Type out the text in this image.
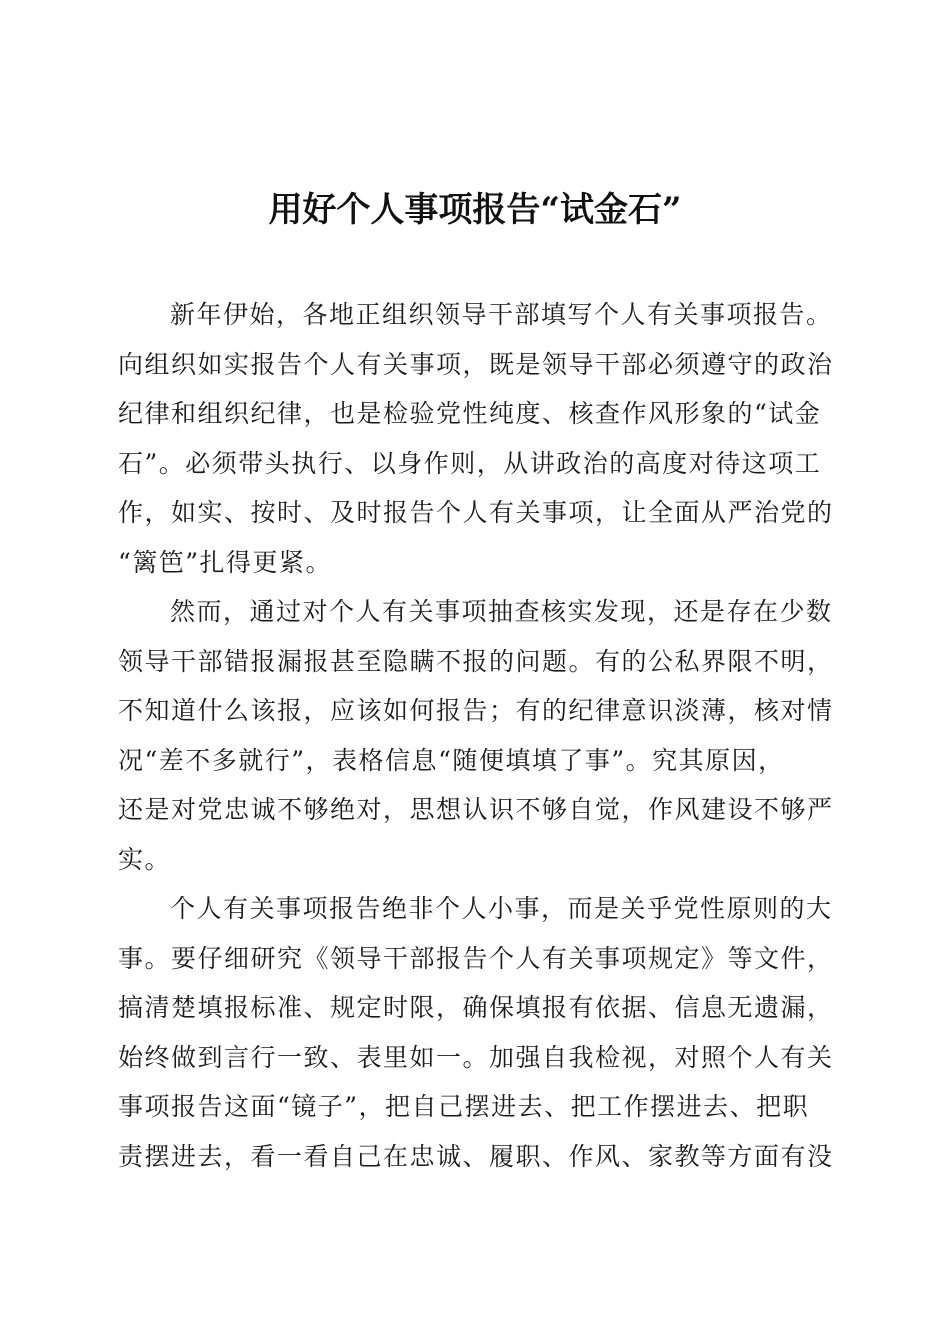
用好个人事项报告“试金石”
新年伊始，各地正组织领导干部填写个人有关事项报告。
向组织如实报告个人有关事项，既是领导干部必须遵守的政治
纪律和组织纪律，也是检验党性纯度、核查作风形象的“试金
石”。必须带头执行、以身作则，从讲政治的高度对待这项工
作，如实、按时、及时报告个人有关事项，让全面从严治党的
“篱笆”扎得更紧。
然而，通过对个人有关事项抽查核实发现，还是存在少数
领导干部错报漏报甚至隐瞒不报的问题。有的公私界限不明，
不知道什么该报，应该如何报告；有的纪律意识淡薄，核对情
况“差不多就行”，表格信息“随便填填了事”。究其原因，
还是对党忠诚不够绝对，思想认识不够自觉，作风建设不够严
实。
个人有关事项报告绝非个人小事，而是关乎党性原则的大
事。要仔细研究《领导干部报告个人有关事项规定》等文件，
搞清楚填报标准、规定时限，确保填报有依据、信息无遗漏，
始终做到言行一致、表里如一。加强自我检视，对照个人有关
事项报告这面“镜子”，把自己摆进去、把工作摆进去、把职
责摆进去，看一看自己在忠诚、履职、作风、家教等方面有没
